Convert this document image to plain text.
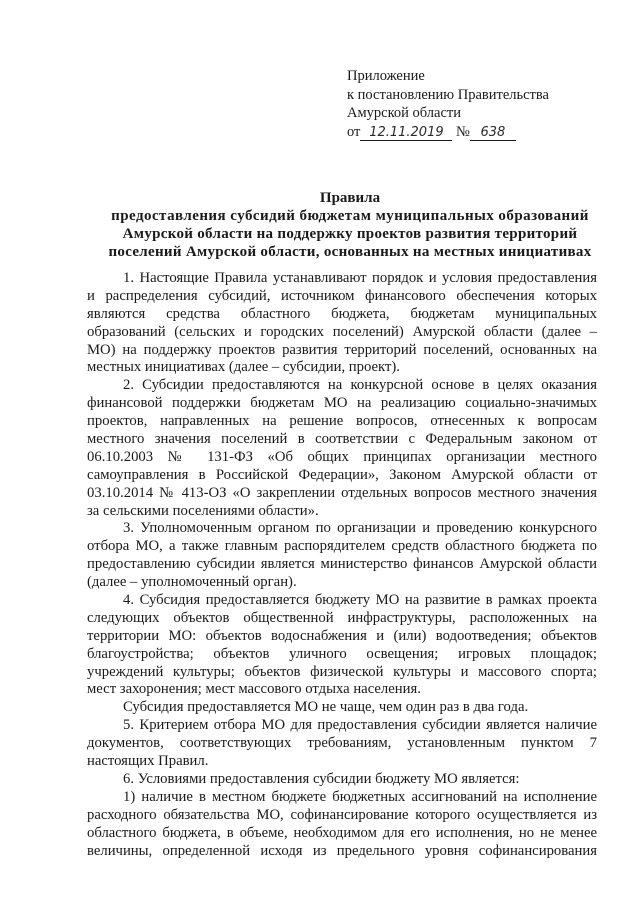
Приложение
к постановлению Правительства
Амурской области
от 12.11.2019 № 638
Правила
предоставления субсидий бюджетам муниципальных образований
Амурской области на поддержку проектов развития территорий
поселений Амурской области, основанных на местных инициативах
1. Настоящие Правила устанавливают порядок и условия предоставления
и распределения субсидий, источником финансового обеспечения которых
являются средства областного бюджета, бюджетам муниципальных
образований (сельских и городских поселений) Амурской области (далее –
МО) на поддержку проектов развития территорий поселений, основанных на
местных инициативах (далее – субсидии, проект).
2. Субсидии предоставляются на конкурсной основе в целях оказания
финансовой поддержки бюджетам МО на реализацию социально-значимых
проектов, направленных на решение вопросов, отнесенных к вопросам
местного значения поселений в соответствии с Федеральным законом от
06.10.2003 № 131-ФЗ «Об общих принципах организации местного
самоуправления в Российской Федерации», Законом Амурской области от
03.10.2014 № 413-ОЗ «О закреплении отдельных вопросов местного значения
за сельскими поселениями области».
3. Уполномоченным органом по организации и проведению конкурсного
отбора МО, а также главным распорядителем средств областного бюджета по
предоставлению субсидии является министерство финансов Амурской области
(далее – уполномоченный орган).
4. Субсидия предоставляется бюджету МО на развитие в рамках проекта
следующих объектов общественной инфраструктуры, расположенных на
территории МО: объектов водоснабжения и (или) водоотведения; объектов
благоустройства; объектов уличного освещения; игровых площадок;
учреждений культуры; объектов физической культуры и массового спорта;
мест захоронения; мест массового отдыха населения.
Субсидия предоставляется МО не чаще, чем один раз в два года.
5. Критерием отбора МО для предоставления субсидии является наличие
документов, соответствующих требованиям, установленным пунктом 7
настоящих Правил.
6. Условиями предоставления субсидии бюджету МО является:
1) наличие в местном бюджете бюджетных ассигнований на исполнение
расходного обязательства МО, софинансирование которого осуществляется из
областного бюджета, в объеме, необходимом для его исполнения, но не менее
величины, определенной исходя из предельного уровня софинансирования
